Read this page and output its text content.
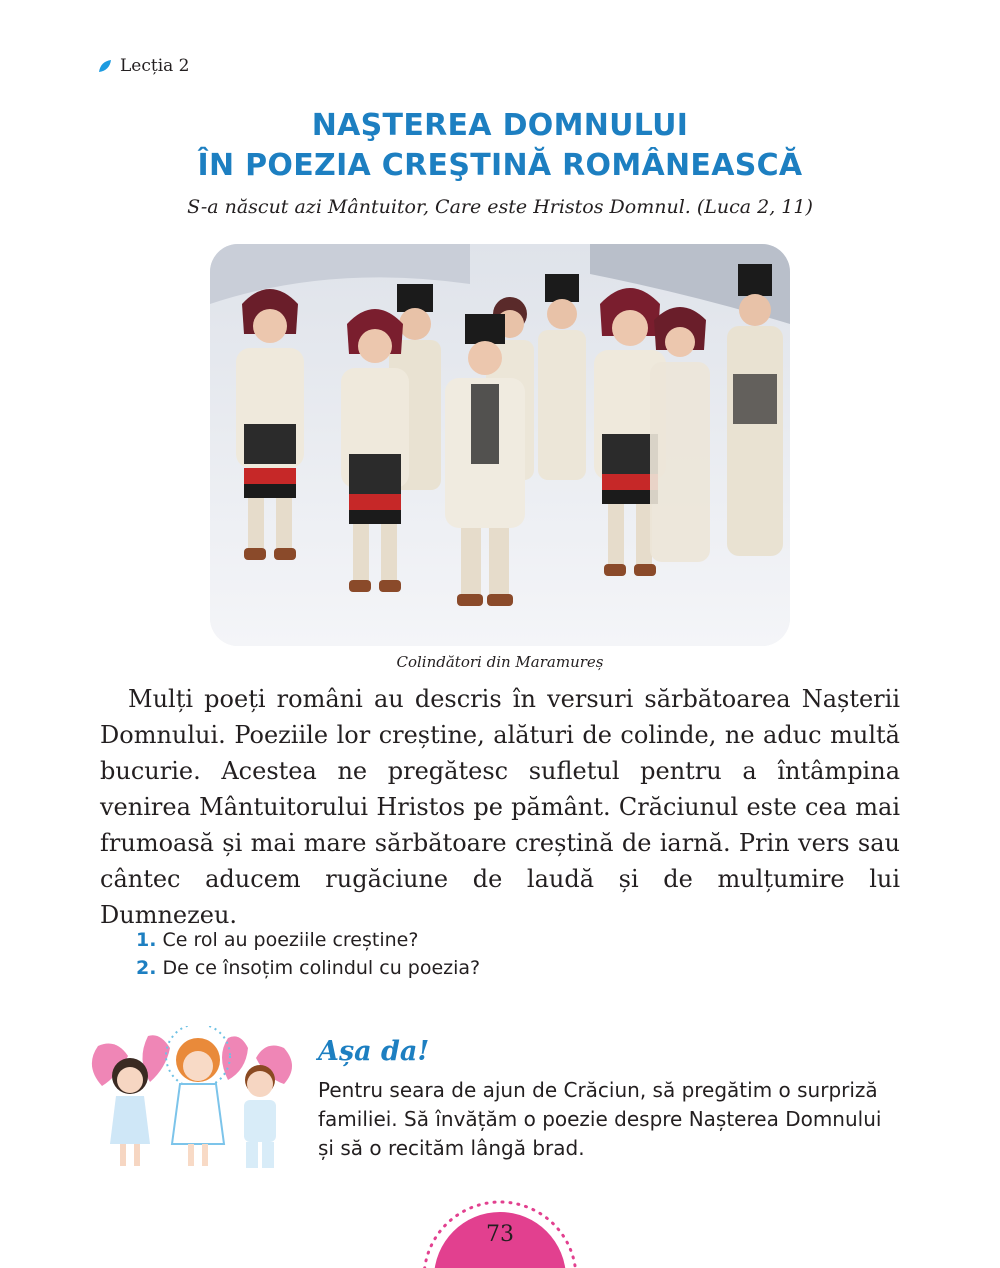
Lecția 2
NAŞTEREA DOMNULUI
ÎN POEZIA CREŞTINĂ ROMÂNEASCĂ
S-a născut azi Mântuitor, Care este Hristos Domnul. (Luca 2, 11)
Colindători din Maramureș

Mulți poeți români au descris în versuri sărbătoarea Nașterii Domnului. Poeziile lor creștine, alături de colinde, ne aduc multă bucurie. Acestea ne pregătesc sufletul pentru a întâmpina venirea Mântuitorului Hristos pe pământ. Crăciunul este cea mai frumoasă și mai mare sărbătoare creștină de iarnă. Prin vers sau cântec aducem rugăciune de laudă și de mulțumire lui Dumnezeu.

1. Ce rol au poeziile creștine?
2. De ce însoțim colindul cu poezia?
Așa da!
Pentru seara de ajun de Crăciun, să pregătim o surpriză familiei. Să învățăm o poezie despre Nașterea Domnului și să o recităm lângă brad.
73
